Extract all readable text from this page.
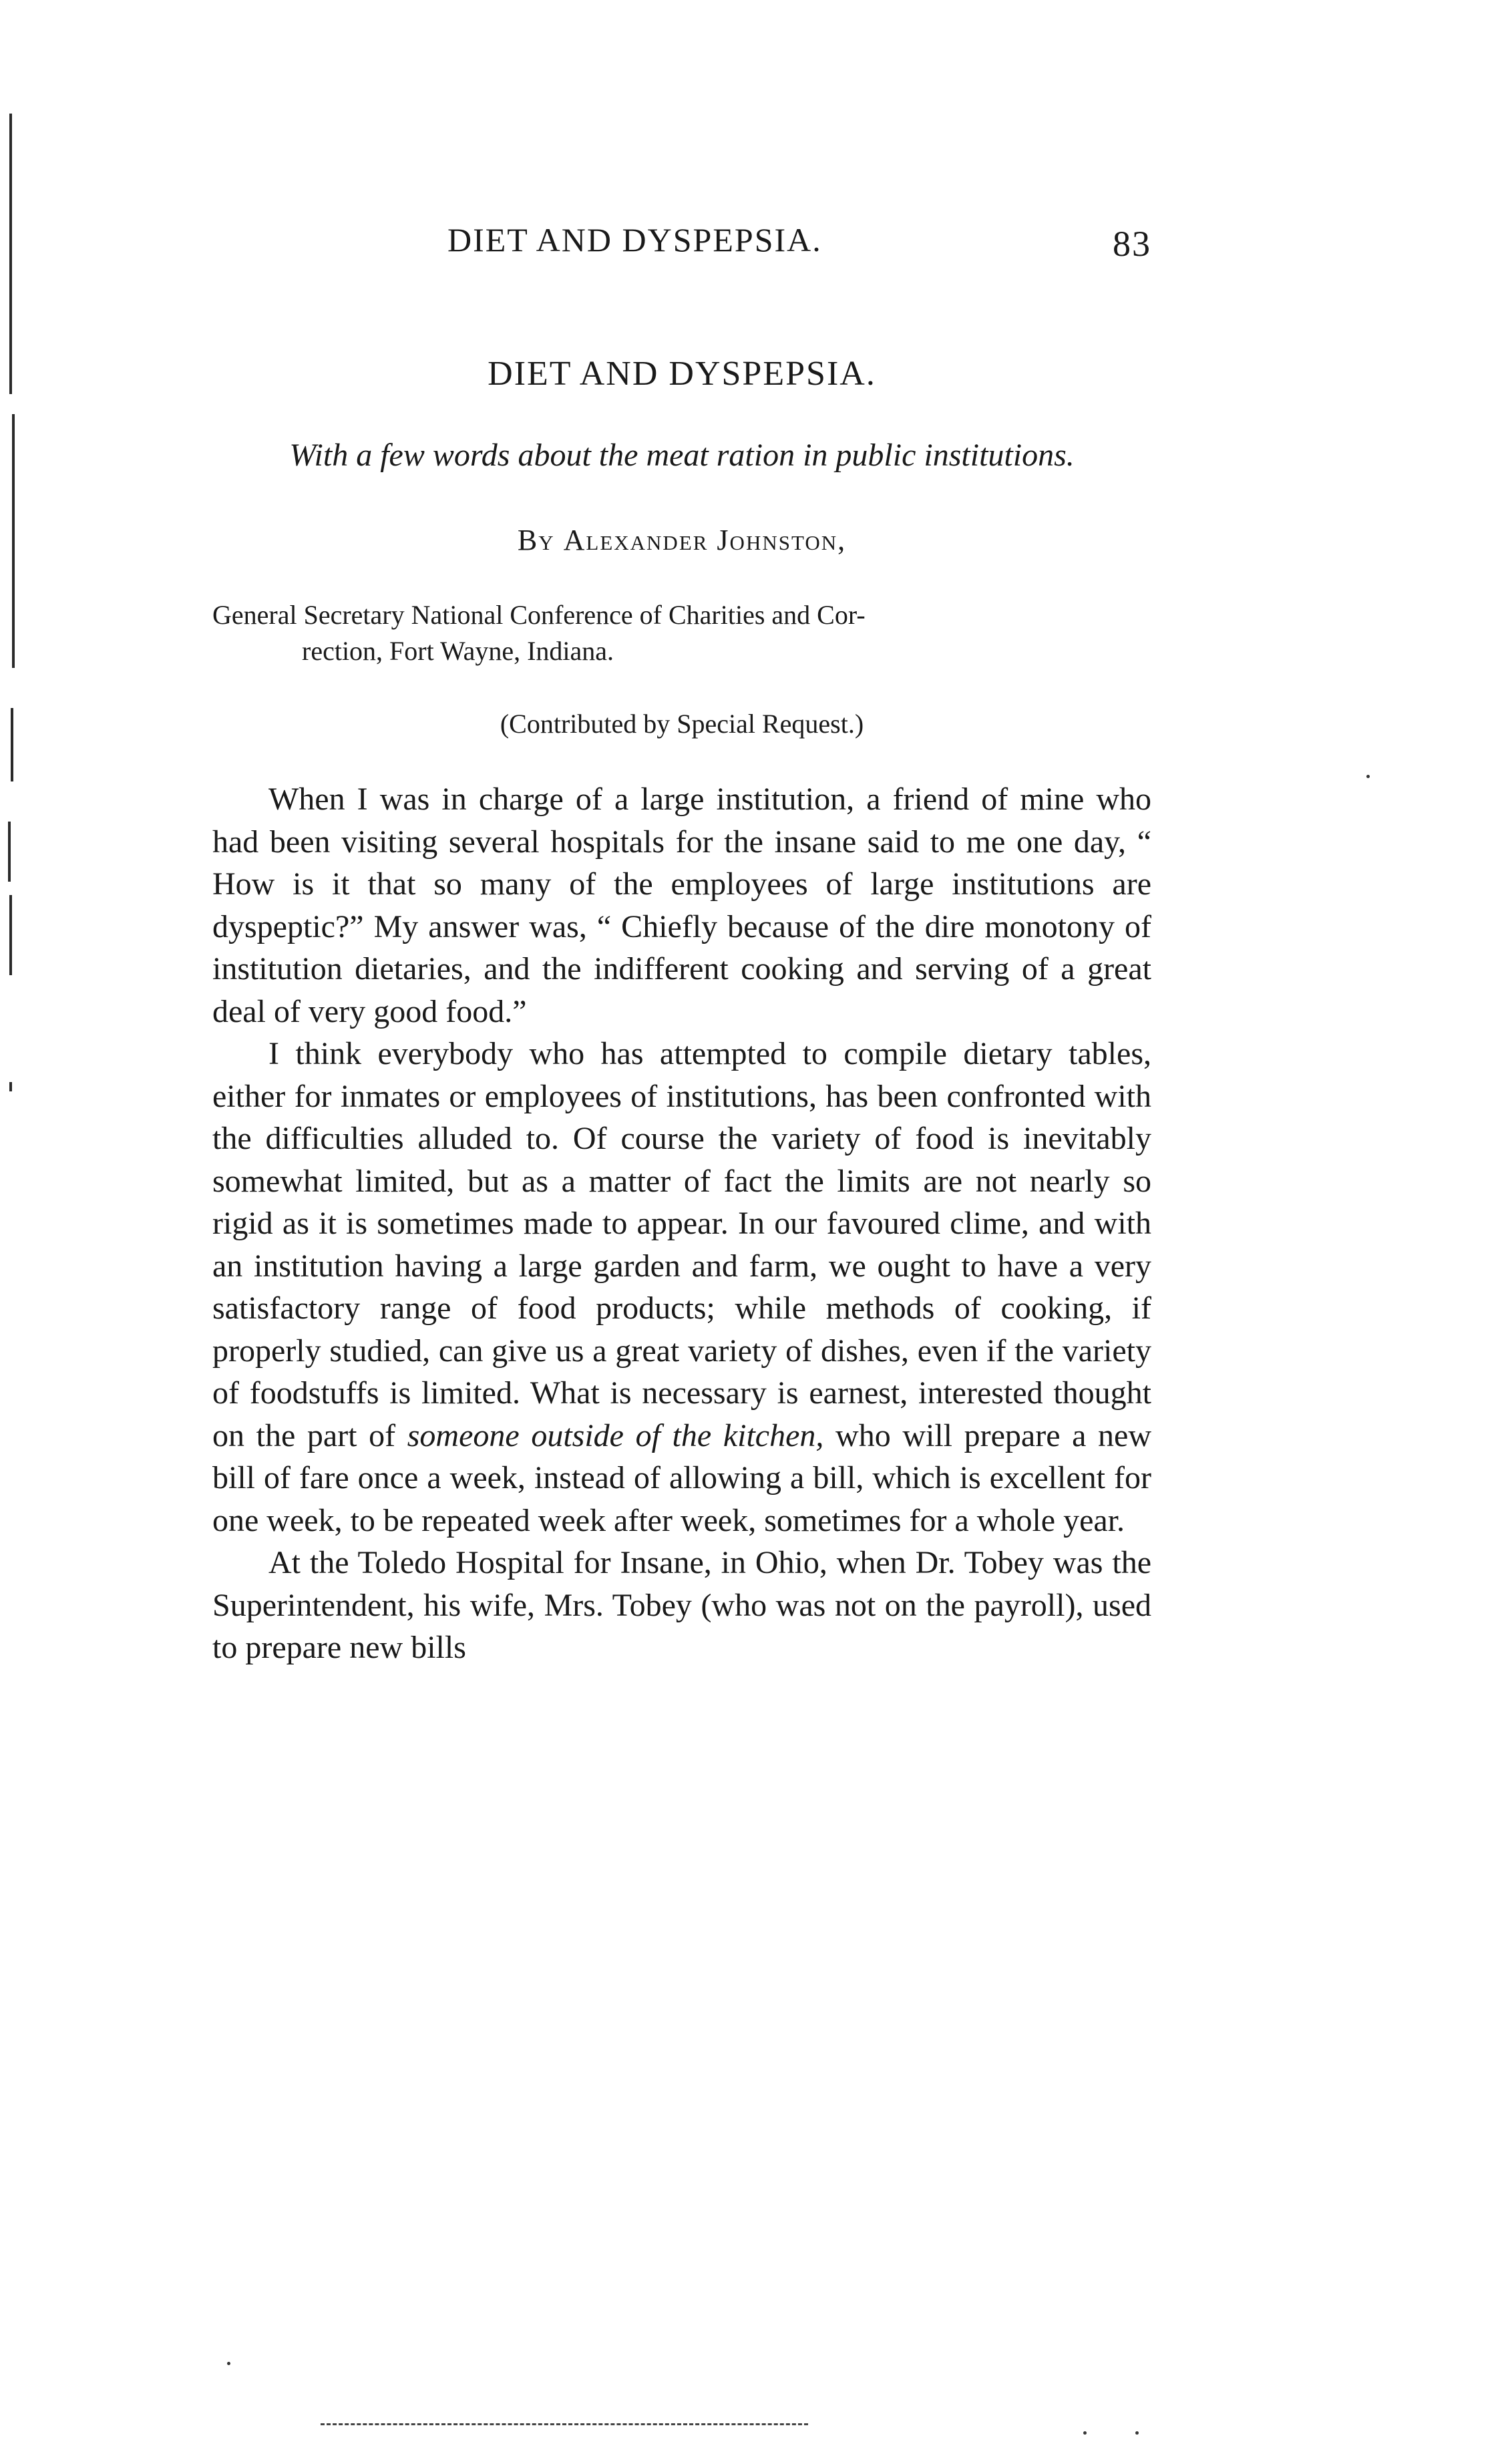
DIET AND DYSPEPSIA.	83
DIET AND DYSPEPSIA.
With a few words about the meat ration in public institutions.
By Alexander Johnston,
General Secretary National Conference of Charities and Cor-
rection, Fort Wayne, Indiana.
(Contributed by Special Request.)

When I was in charge of a large institution, a friend of mine who had been visiting several hospitals for the insane said to me one day, “ How is it that so many of the employees of large institutions are dyspeptic?” My answer was, “ Chiefly because of the dire monotony of institution dietaries, and the indifferent cooking and serving of a great deal of very good food.”

I think everybody who has attempted to compile dietary tables, either for inmates or employees of institutions, has been confronted with the difficulties alluded to. Of course the variety of food is inevitably somewhat limited, but as a matter of fact the limits are not nearly so rigid as it is sometimes made to appear. In our favoured clime, and with an institution having a large garden and farm, we ought to have a very satisfactory range of food products; while methods of cooking, if properly studied, can give us a great variety of dishes, even if the variety of foodstuffs is limited. What is necessary is earnest, interested thought on the part of someone outside of the kitchen, who will prepare a new bill of fare once a week, instead of allowing a bill, which is excellent for one week, to be repeated week after week, sometimes for a whole year.

At the Toledo Hospital for Insane, in Ohio, when Dr. Tobey was the Superintendent, his wife, Mrs. Tobey (who was not on the payroll), used to prepare new bills
